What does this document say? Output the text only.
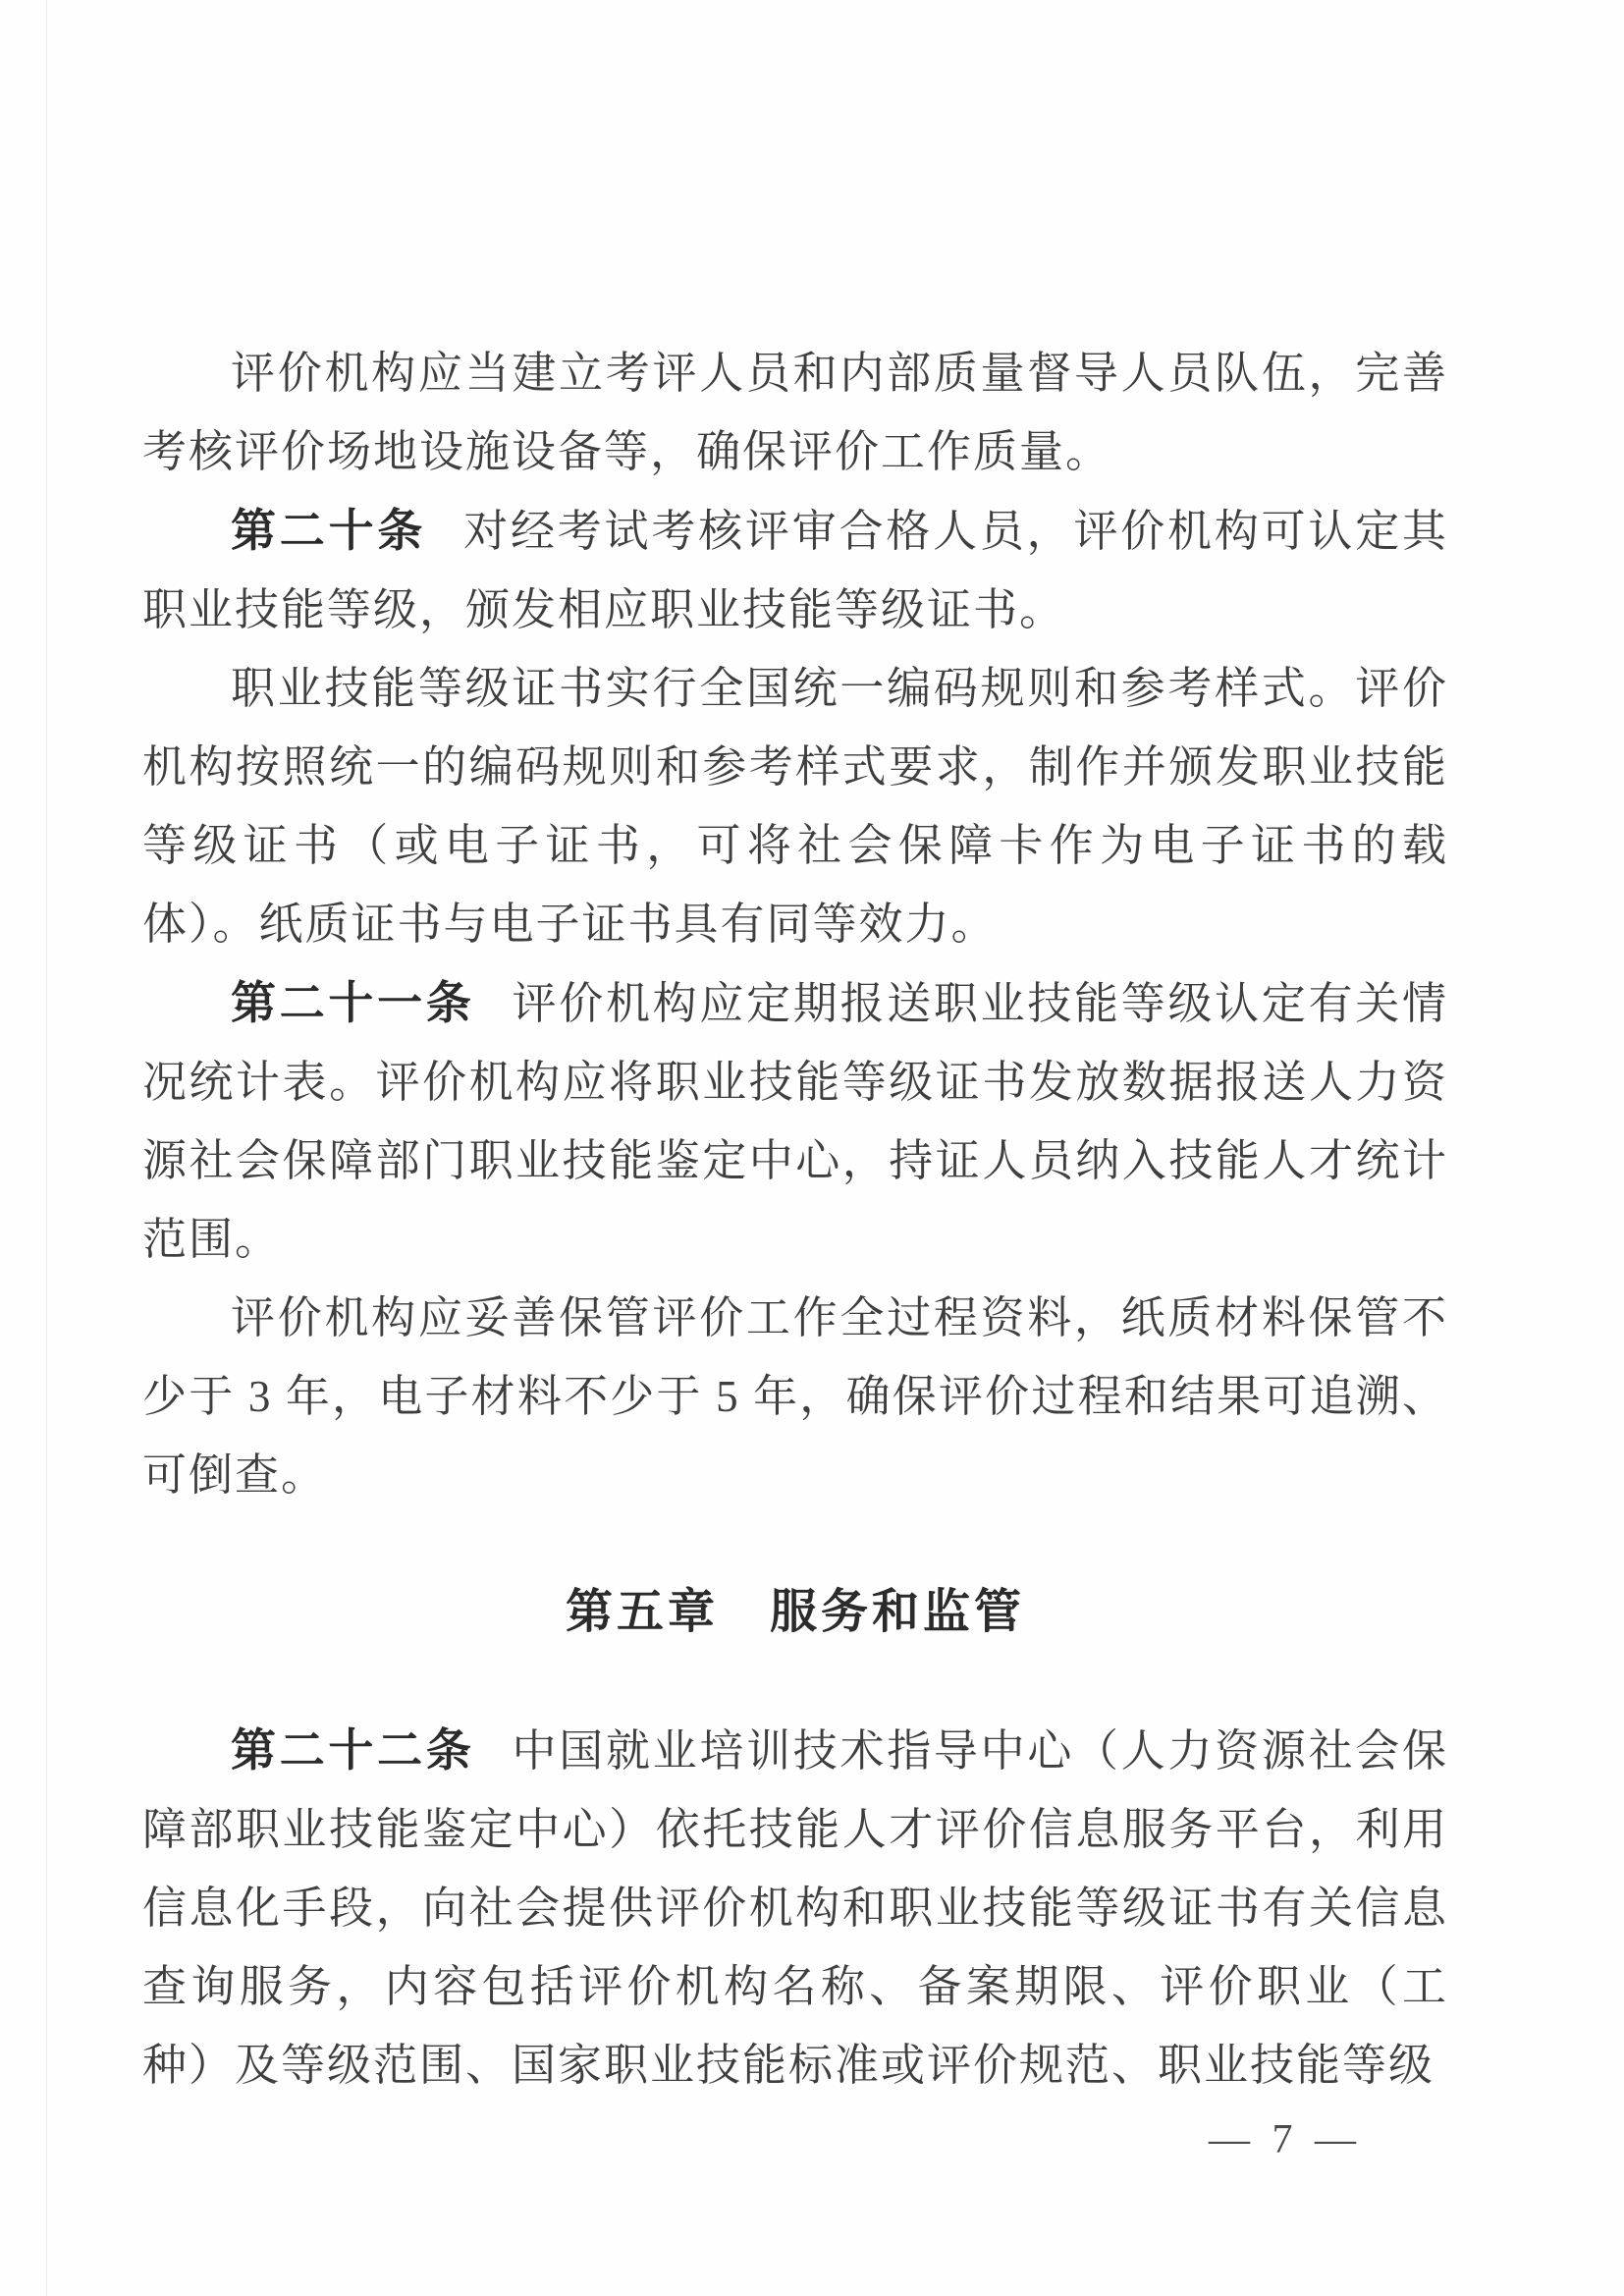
评价机构应当建立考评人员和内部质量督导人员队伍，完善考核评价场地设施设备等，确保评价工作质量。

第二十条 对经考试考核评审合格人员，评价机构可认定其职业技能等级，颁发相应职业技能等级证书。

职业技能等级证书实行全国统一编码规则和参考样式。评价机构按照统一的编码规则和参考样式要求，制作并颁发职业技能等级证书（或电子证书，可将社会保障卡作为电子证书的载体）。纸质证书与电子证书具有同等效力。

第二十一条 评价机构应定期报送职业技能等级认定有关情况统计表。评价机构应将职业技能等级证书发放数据报送人力资源社会保障部门职业技能鉴定中心，持证人员纳入技能人才统计范围。

评价机构应妥善保管评价工作全过程资料，纸质材料保管不少于 3 年，电子材料不少于 5 年，确保评价过程和结果可追溯、可倒查。

第五章　服务和监管

第二十二条 中国就业培训技术指导中心（人力资源社会保障部职业技能鉴定中心）依托技能人才评价信息服务平台，利用信息化手段，向社会提供评价机构和职业技能等级证书有关信息查询服务，内容包括评价机构名称、备案期限、评价职业（工种）及等级范围、国家职业技能标准或评价规范、职业技能等级

— 7 —
